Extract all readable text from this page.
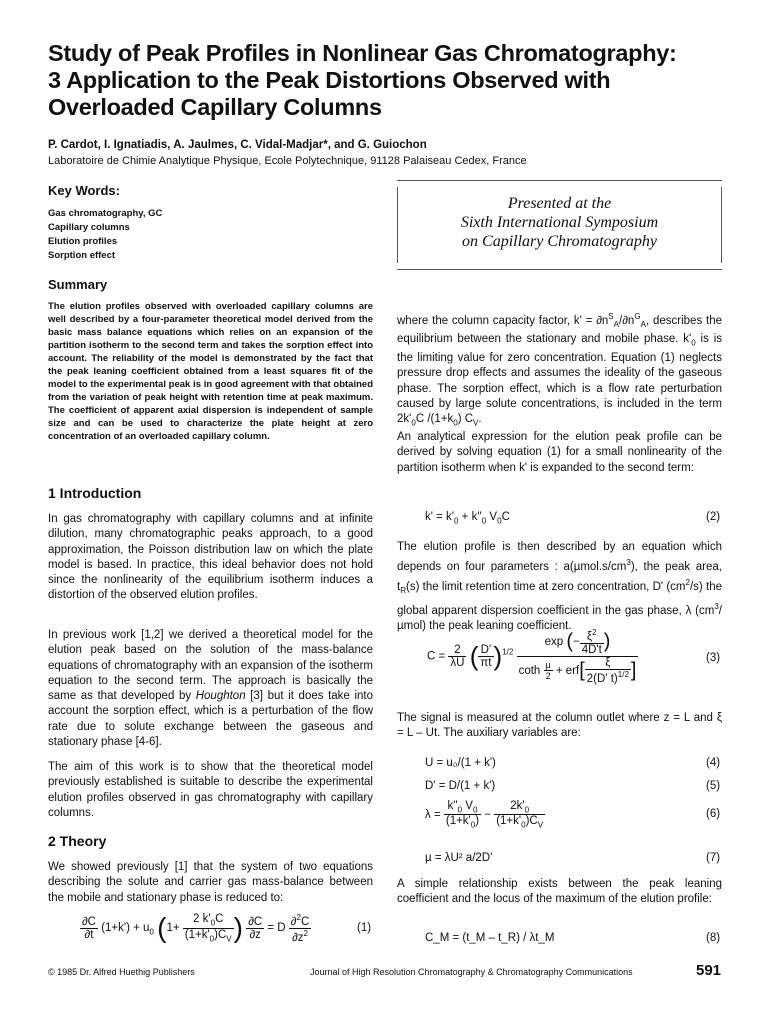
Study of Peak Profiles in Nonlinear Gas Chromatography:
3 Application to the Peak Distortions Observed with
Overloaded Capillary Columns
P. Cardot, I. Ignatiadis, A. Jaulmes, C. Vidal-Madjar*, and G. Guiochon
Laboratoire de Chimie Analytique Physique, Ecole Polytechnique, 91128 Palaiseau Cedex, France
Key Words:
Gas chromatography, GC
Capillary columns
Elution profiles
Sorption effect
Presented at the
Sixth International Symposium
on Capillary Chromatography
Summary
The elution profiles observed with overloaded capillary columns are well described by a four-parameter theoretical model derived from the basic mass balance equations which relies on an expansion of the partition isotherm to the second term and takes the sorption effect into account. The reliability of the model is demonstrated by the fact that the peak leaning coefficient obtained from a least squares fit of the model to the experimental peak is in good agreement with that obtained from the variation of peak height with retention time at peak maximum. The coefficient of apparent axial dispersion is independent of sample size and can be used to characterize the plate height at zero concentration of an overloaded capillary column.
1 Introduction
In gas chromatography with capillary columns and at infinite dilution, many chromatographic peaks approach, to a good approximation, the Poisson distribution law on which the plate model is based. In practice, this ideal behavior does not hold since the nonlinearity of the equilibrium isotherm induces a distortion of the observed elution profiles.
In previous work [1,2] we derived a theoretical model for the elution peak based on the solution of the mass-balance equations of chromatography with an expansion of the isotherm equation to the second term. The approach is basically the same as that developed by Houghton [3] but it does take into account the sorption effect, which is a perturbation of the flow rate due to solute exchange between the gaseous and stationary phase [4-6].
The aim of this work is to show that the theoretical model previously established is suitable to describe the experimental elution profiles observed in gas chromatography with capillary columns.
2 Theory
We showed previously [1] that the system of two equations describing the solute and carrier gas mass-balance between the mobile and stationary phase is reduced to:
$\frac{\partial C}{\partial t} (1+k') + u_0$ ($1+ \frac{2 k'_0C}{(1+k'_0)\overline{C}_V}$ ) $\frac{\partial C}{\partial z} = D \frac{\partial^2C}{\partial z^2}$	(1)
where the column capacity factor, $k' = \partial n^S_A/\partial n^G_A$, describes the equilibrium between the stationary and mobile phase. $k'_0$ is is the limiting value for zero concentration. Equation (1) neglects pressure drop effects and assumes the ideality of the gaseous phase. The sorption effect, which is a flow rate perturbation caused by large solute concentrations, is included in the term $2k'_0C$ $/(1+k_0)$ $C_V$.
An analytical expression for the elution peak profile can be derived by solving equation (1) for a small nonlinearity of the partition isotherm when k' is expanded to the second term:
$k' = k'_0 + k''_0$ $V_0C$	(2)
The elution profile is then described by an equation which depends on four parameters : $a(\mu mol.s/cm^3)$, the peak area, $t_R(s)$ the limit retention time at zero concentration, D' $(cm^2/s)$ the global apparent dispersion coefficient in the gas phase, λ $(cm^3/\mu mol)$ the peak leaning coefficient.
$C = \frac{2}{\lambda U}$ ( $\frac{D'}{\pi t} )^{1/2} \frac{\exp (- \frac{\xi^2}{4D't} )}{\cot h \frac{\text{µ}}{2} + erf[ \frac{\xi}{2(D' t)^{1/2}} ]}$	(3)
The signal is measured at the column outlet where z = L and ξ = L – Ut. The auxiliary variables are:
U = u₀/(1 + k')	(4)
D' = D/(1 + k')	(5)
$\lambda = \frac{k''_0 V_0}{(1+k'_0)} - \frac{2k'_0}{(1+k'_0)\overline{C}_V}$	(6)
µ = λU² a/2D'	(7)
A simple relationship exists between the peak leaning coefficient and the locus of the maximum of the elution profile:
C_M = (t_M – t_R) / λt_M	(8)
© 1985 Dr. Alfred Huethig Publishers	Journal of High Resolution Chromatography & Chromatography Communications	591
